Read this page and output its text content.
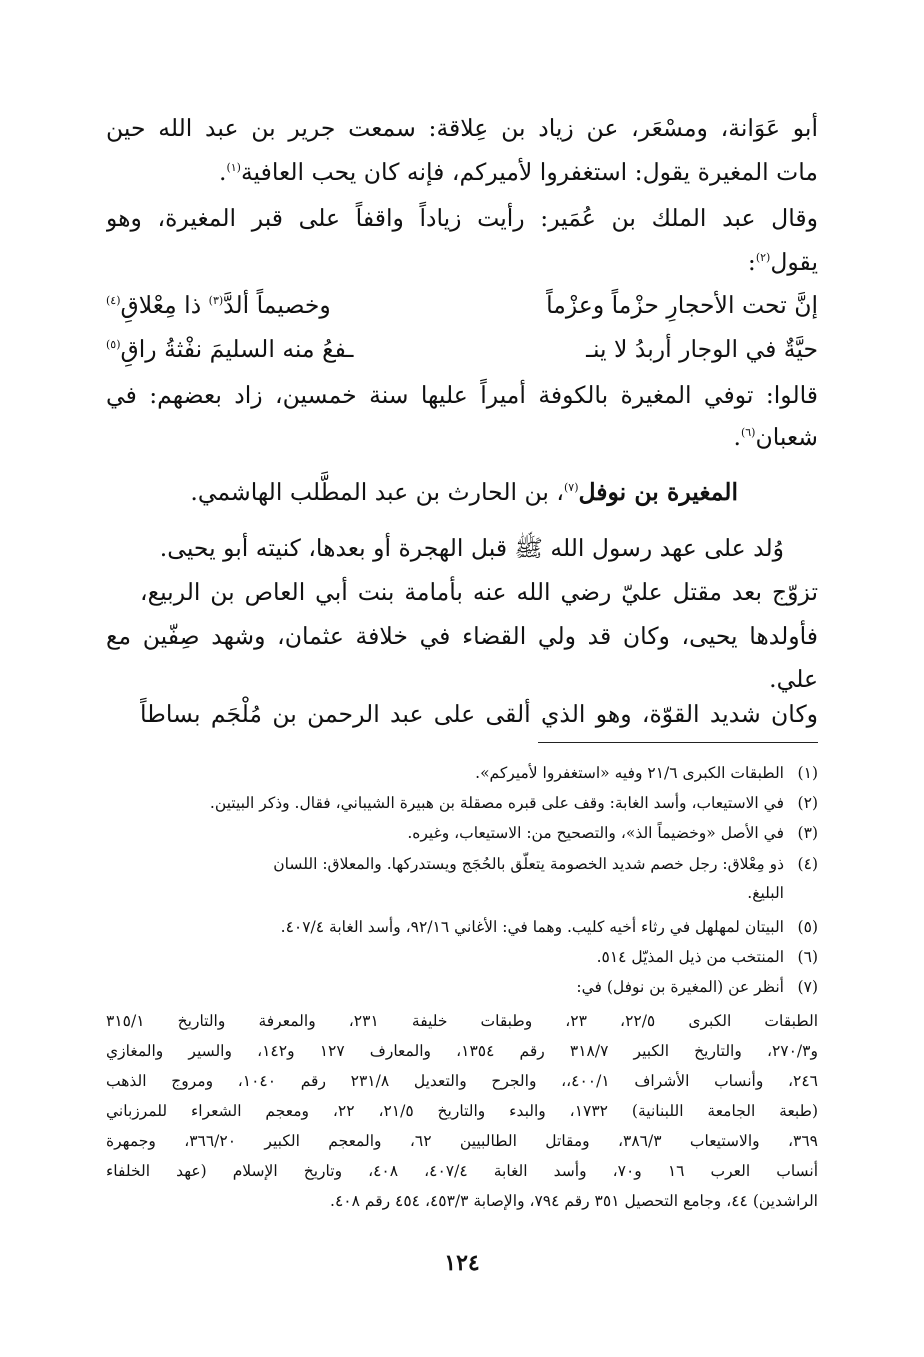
أبو عَوَانة، ومسْعَر، عن زياد بن عِلاقة: سمعت جرير بن عبد الله حين

مات المغيرة يقول: استغفروا لأميركم، فإنه كان يحب العافية$^{(١)}$.

وقال عبد الملك بن عُمَير: رأيت زياداً واقفاً على قبر المغيرة، وهو

يقول$^{(٢)}$:

إنَّ تحت الأحجارِ حزْماً وعزْماً
وخصيماً ألدَّ$^{(٣)}$ ذا مِعْلاقِ$^{(٤)}$
حيَّةٌ في الوجار أربدُ لا ينـ
ـفعُ منه السليمَ نفْثةُ راقِ$^{(٥)}$

قالوا: توفي المغيرة بالكوفة أميراً عليها سنة خمسين، زاد بعضهم: في

شعبان$^{(٦)}$.

المغيرة بن نوفل$^{(٧)}$، بن الحارث بن عبد المطَّلب الهاشمي.

وُلد على عهد رسول الله ﷺ قبل الهجرة أو بعدها، كنيته أبو يحيى.

تزوّج بعد مقتل عليّ رضي الله عنه بأمامة بنت أبي العاص بن الربيع،

فأولدها يحيى، وكان قد ولي القضاء في خلافة عثمان، وشهد صِفّين مع

علي.

وكان شديد القوّة، وهو الذي ألقى على عبد الرحمن بن مُلْجَم بساطاً

(١)الطبقات الكبرى ٢١/٦ وفيه «استغفروا لأميركم».
(٢)في الاستيعاب، وأسد الغابة: وقف على قبره مصقلة بن هبيرة الشيباني، فقال. وذكر البيتين.
(٣)في الأصل «وخضيماً الذ»، والتصحيح من: الاستيعاب، وغيره.
(٤)ذو مِعْلاق: رجل خصم شديد الخصومة يتعلّق بالحُجَج ويستدركها. والمعلاق: اللسان
البليغ.
(٥)البيتان لمهلهل في رثاء أخيه كليب. وهما في: الأغاني ٩٢/١٦، وأسد الغابة ٤٠٧/٤.
(٦)المنتخب من ذيل المذيّل ٥١٤.
(٧)أنظر عن (المغيرة بن نوفل) في:
الطبقات الكبرى ٢٢/٥، ٢٣، وطبقات خليفة ٢٣١، والمعرفة والتاريخ ٣١٥/١
و٢٧٠/٣، والتاريخ الكبير ٣١٨/٧ رقم ١٣٥٤، والمعارف ١٢٧ و١٤٢، والسير والمغازي
٢٤٦، وأنساب الأشراف ٤٠٠/١،، والجرح والتعديل ٢٣١/٨ رقم ١٠٤٠، ومروج الذهب
(طبعة الجامعة اللبنانية) ١٧٣٢، والبدء والتاريخ ٢١/٥، ٢٢، ومعجم الشعراء للمرزباني
٣٦٩، والاستيعاب ٣٨٦/٣، ومقاتل الطالبيين ٦٢، والمعجم الكبير ٣٦٦/٢٠، وجمهرة
أنساب العرب ١٦ و٧٠، وأسد الغابة ٤٠٧/٤، ٤٠٨، وتاريخ الإسلام (عهد الخلفاء
الراشدين) ٤٤، وجامع التحصيل ٣٥١ رقم ٧٩٤، والإصابة ٤٥٣/٣، ٤٥٤ رقم ٤٠٨.
١٢٤
